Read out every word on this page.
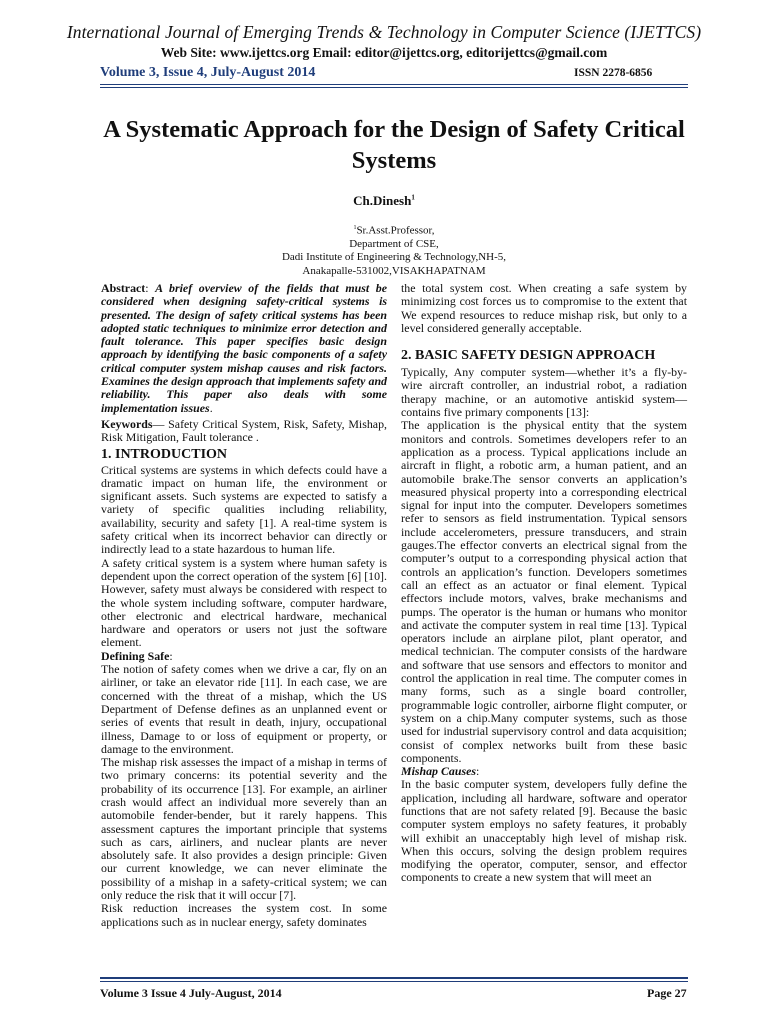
International Journal of Emerging Trends & Technology in Computer Science (IJETTCS)
Web Site: www.ijettcs.org Email: editor@ijettcs.org, editorijettcs@gmail.com
Volume 3, Issue 4, July-August 2014	ISSN 2278-6856
A Systematic Approach for the Design of Safety Critical Systems
Ch.Dinesh$^1$
$^1$Sr.Asst.Professor,
Department of CSE,
Dadi Institute of Engineering & Technology,NH-5,
Anakapalle-531002,VISAKHAPATNAM

Abstract: A brief overview of the fields that must be considered when designing safety-critical systems is presented. The design of safety critical systems has been adopted static techniques to minimize error detection and fault tolerance. This paper specifies basic design approach by identifying the basic components of a safety critical computer system mishap causes and risk factors. Examines the design approach that implements safety and reliability. This paper also deals with some implementation issues.

Keywords— Safety Critical System, Risk, Safety, Mishap, Risk Mitigation, Fault tolerance .

1. INTRODUCTION

Critical systems are systems in which defects could have a dramatic impact on human life, the environment or significant assets. Such systems are expected to satisfy a variety of specific qualities including reliability, availability, security and safety [1]. A real-time system is safety critical when its incorrect behavior can directly or indirectly lead to a state hazardous to human life.

A safety critical system is a system where human safety is dependent upon the correct operation of the system [6] [10]. However, safety must always be considered with respect to the whole system including software, computer hardware, other electronic and electrical hardware, mechanical hardware and operators or users not just the software element.

Defining Safe:

The notion of safety comes when we drive a car, fly on an airliner, or take an elevator ride [11]. In each case, we are concerned with the threat of a mishap, which the US Department of Defense defines as an unplanned event or series of events that result in death, injury, occupational illness, Damage to or loss of equipment or property, or damage to the environment.

The mishap risk assesses the impact of a mishap in terms of two primary concerns: its potential severity and the probability of its occurrence [13]. For example, an airliner crash would affect an individual more severely than an automobile fender-bender, but it rarely happens. This assessment captures the important principle that systems such as cars, airliners, and nuclear plants are never absolutely safe. It also provides a design principle: Given our current knowledge, we can never eliminate the possibility of a mishap in a safety-critical system; we can only reduce the risk that it will occur [7].

Risk reduction increases the system cost. In some applications such as in nuclear energy, safety dominates

the total system cost. When creating a safe system by minimizing cost forces us to compromise to the extent that We expend resources to reduce mishap risk, but only to a level considered generally acceptable.

2. BASIC SAFETY DESIGN APPROACH

Typically, Any computer system—whether it’s a fly-by-wire aircraft controller, an industrial robot, a radiation therapy machine, or an automotive antiskid system—contains five primary components [13]:

The application is the physical entity that the system monitors and controls. Sometimes developers refer to an application as a process. Typical applications include an aircraft in flight, a robotic arm, a human patient, and an automobile brake.The sensor converts an application’s measured physical property into a corresponding electrical signal for input into the computer. Developers sometimes refer to sensors as field instrumentation. Typical sensors include accelerometers, pressure transducers, and strain gauges.The effector converts an electrical signal from the computer’s output to a corresponding physical action that controls an application’s function. Developers sometimes call an effect as an actuator or final element. Typical effectors include motors, valves, brake mechanisms and pumps. The operator is the human or humans who monitor and activate the computer system in real time [13]. Typical operators include an airplane pilot, plant operator, and medical technician. The computer consists of the hardware and software that use sensors and effectors to monitor and control the application in real time. The computer comes in many forms, such as a single board controller, programmable logic controller, airborne flight computer, or system on a chip.Many computer systems, such as those used for industrial supervisory control and data acquisition; consist of complex networks built from these basic components.

Mishap Causes:

In the basic computer system, developers fully define the application, including all hardware, software and operator functions that are not safety related [9]. Because the basic computer system employs no safety features, it probably will exhibit an unacceptably high level of mishap risk. When this occurs, solving the design problem requires modifying the operator, computer, sensor, and effector components to create a new system that will meet an

Volume 3 Issue 4 July-August, 2014	Page 27
